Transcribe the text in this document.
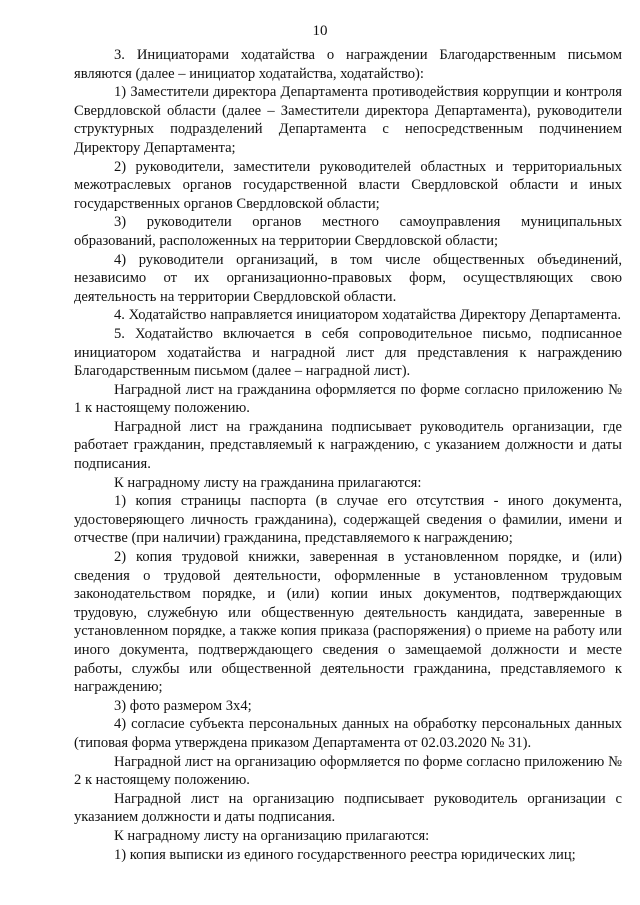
10

3. Инициаторами ходатайства о награждении Благодарственным письмом являются (далее – инициатор ходатайства, ходатайство):

1) Заместители директора Департамента противодействия коррупции и контроля Свердловской области (далее – Заместители директора Департамента), руководители структурных подразделений Департамента с непосредственным подчинением Директору Департамента;

2) руководители, заместители руководителей областных и территориальных межотраслевых органов государственной власти Свердловской области и иных государственных органов Свердловской области;

3) руководители органов местного самоуправления муниципальных образований, расположенных на территории Свердловской области;

4) руководители организаций, в том числе общественных объединений, независимо от их организационно-правовых форм, осуществляющих свою деятельность на территории Свердловской области.

4. Ходатайство направляется инициатором ходатайства Директору Департамента.

5. Ходатайство включается в себя сопроводительное письмо, подписанное инициатором ходатайства и наградной лист для представления к награждению Благодарственным письмом (далее – наградной лист).

Наградной лист на гражданина оформляется по форме согласно приложению № 1 к настоящему положению.

Наградной лист на гражданина подписывает руководитель организации, где работает гражданин, представляемый к награждению, с указанием должности и даты подписания.

К наградному листу на гражданина прилагаются:

1) копия страницы паспорта (в случае его отсутствия - иного документа, удостоверяющего личность гражданина), содержащей сведения о фамилии, имени и отчестве (при наличии) гражданина, представляемого к награждению;

2) копия трудовой книжки, заверенная в установленном порядке, и (или) сведения о трудовой деятельности, оформленные в установленном трудовым законодательством порядке, и (или) копии иных документов, подтверждающих трудовую, служебную или общественную деятельность кандидата, заверенные в установленном порядке, а также копия приказа (распоряжения) о приеме на работу или иного документа, подтверждающего сведения о замещаемой должности и месте работы, службы или общественной деятельности гражданина, представляемого к награждению;

3) фото размером 3х4;

4) согласие субъекта персональных данных на обработку персональных данных (типовая форма утверждена приказом Департамента от 02.03.2020 № 31).

Наградной лист на организацию оформляется по форме согласно приложению № 2 к настоящему положению.

Наградной лист на организацию подписывает руководитель организации с указанием должности и даты подписания.

К наградному листу на организацию прилагаются:

1) копия выписки из единого государственного реестра юридических лиц;
